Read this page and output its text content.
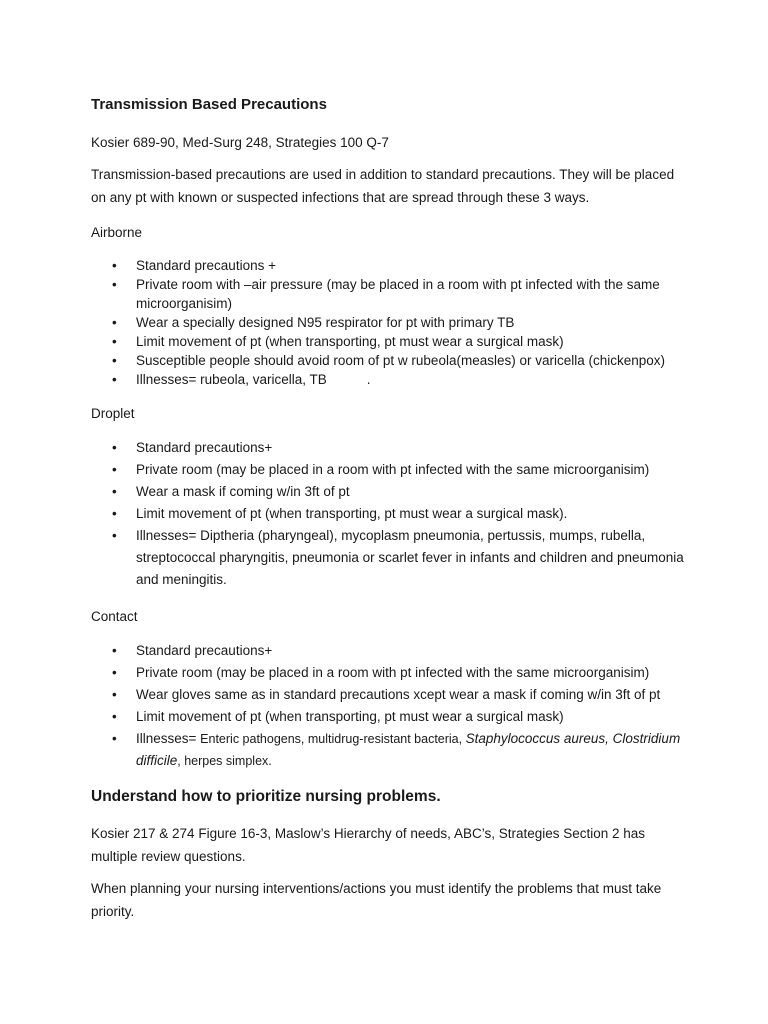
Transmission Based Precautions

Kosier 689-90, Med-Surg 248, Strategies 100 Q-7

Transmission-based precautions are used in addition to standard precautions. They will be placed on any pt with known or suspected infections that are spread through these 3 ways.

Airborne

• Standard precautions +
• Private room with –air pressure (may be placed in a room with pt infected with the same microorganisim)
• Wear a specially designed N95 respirator for pt with primary TB
• Limit movement of pt (when transporting, pt must wear a surgical mask)
• Susceptible people should avoid room of pt w rubeola(measles) or varicella (chickenpox)
• Illnesses= rubeola, varicella, TB	.

Droplet

• Standard precautions+
• Private room (may be placed in a room with pt infected with the same microorganisim)
• Wear a mask if coming w/in 3ft of pt
• Limit movement of pt (when transporting, pt must wear a surgical mask).
• Illnesses= Diptheria (pharyngeal), mycoplasm pneumonia, pertussis, mumps, rubella, streptococcal pharyngitis, pneumonia or scarlet fever in infants and children and pneumonia and meningitis.

Contact

• Standard precautions+
• Private room (may be placed in a room with pt infected with the same microorganisim)
• Wear gloves same as in standard precautions xcept wear a mask if coming w/in 3ft of pt
• Limit movement of pt (when transporting, pt must wear a surgical mask)
• Illnesses= Enteric pathogens, multidrug-resistant bacteria, Staphylococcus aureus, Clostridium difficile, herpes simplex.
Understand how to prioritize nursing problems.

Kosier 217 & 274 Figure 16-3, Maslow’s Hierarchy of needs, ABC’s, Strategies Section 2 has multiple review questions.

When planning your nursing interventions/actions you must identify the problems that must take priority.
